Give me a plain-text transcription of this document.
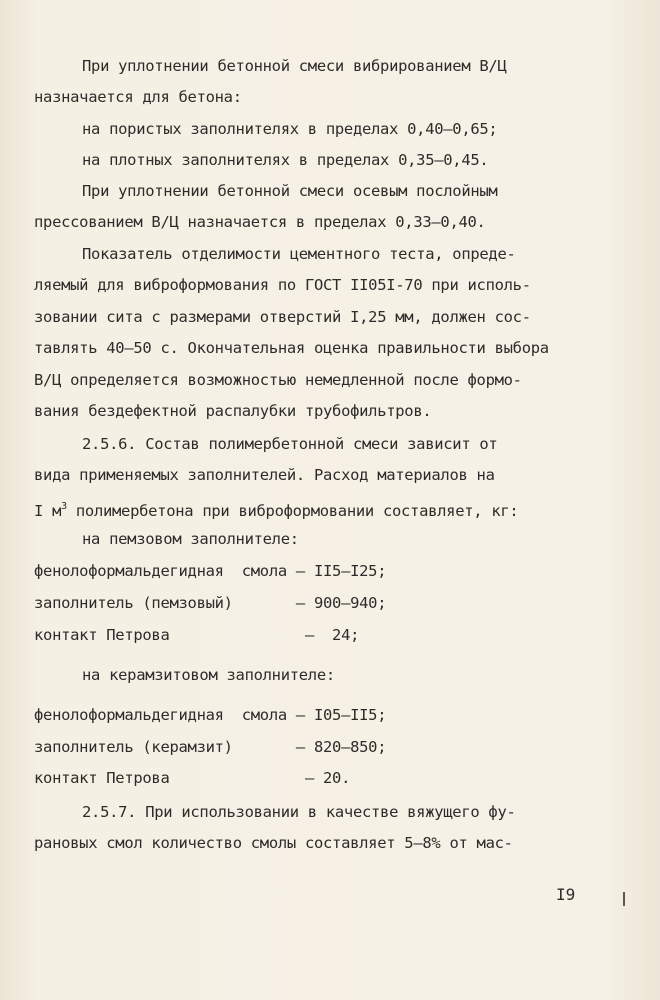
При уплотнении бетонной смеси вибрированием В/Ц
назначается для бетона:
на пористых заполнителях в пределах 0,40–0,65;
на плотных заполнителях в пределах 0,35–0,45.
При уплотнении бетонной смеси осевым послойным
прессованием В/Ц назначается в пределах 0,33–0,40.
Показатель отделимости цементного теста, опреде-
ляемый для виброформования по ГОСТ II05I-70 при исполь-
зовании сита с размерами отверстий I,25 мм, должен сос-
тавлять 40–50 с. Окончательная оценка правильности выбора
В/Ц определяется возможностью немедленной после формо-
вания бездефектной распалубки трубофильтров.
2.5.6. Состав полимербетонной смеси зависит от
вида применяемых заполнителей. Расход материалов на
I $м^3$ полимербетона при виброформовании составляет, кг:
на пемзовом заполнителе:
фенолоформальдегидная  смола – II5–I25;
заполнитель (пемзовый)       – 900–940;
контакт Петрова               –  24;
на керамзитовом заполнителе:
фенолоформальдегидная  смола – I05–II5;
заполнитель (керамзит)       – 820–850;
контакт Петрова               – 20.
2.5.7. При использовании в качестве вяжущего фу-
рановых смол количество смолы составляет 5–8% от мас-
I9
